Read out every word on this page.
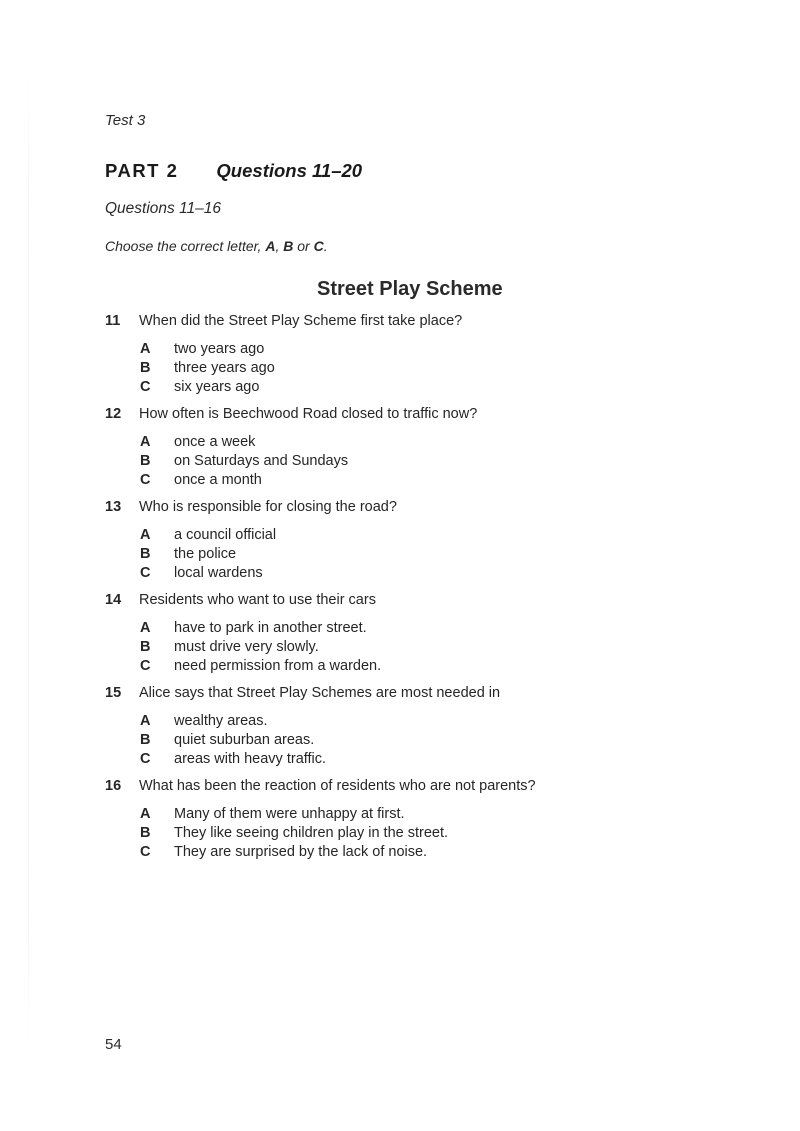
Test 3
PART 2 Questions 11–20
Questions 11–16
Choose the correct letter, A, B or C.
Street Play Scheme
11	When did the Street Play Scheme first take place?
A	two years ago
B	three years ago
C	six years ago
12	How often is Beechwood Road closed to traffic now?
A	once a week
B	on Saturdays and Sundays
C	once a month
13	Who is responsible for closing the road?
A	a council official
B	the police
C	local wardens
14	Residents who want to use their cars
A	have to park in another street.
B	must drive very slowly.
C	need permission from a warden.
15	Alice says that Street Play Schemes are most needed in
A	wealthy areas.
B	quiet suburban areas.
C	areas with heavy traffic.
16	What has been the reaction of residents who are not parents?
A	Many of them were unhappy at first.
B	They like seeing children play in the street.
C	They are surprised by the lack of noise.
54
